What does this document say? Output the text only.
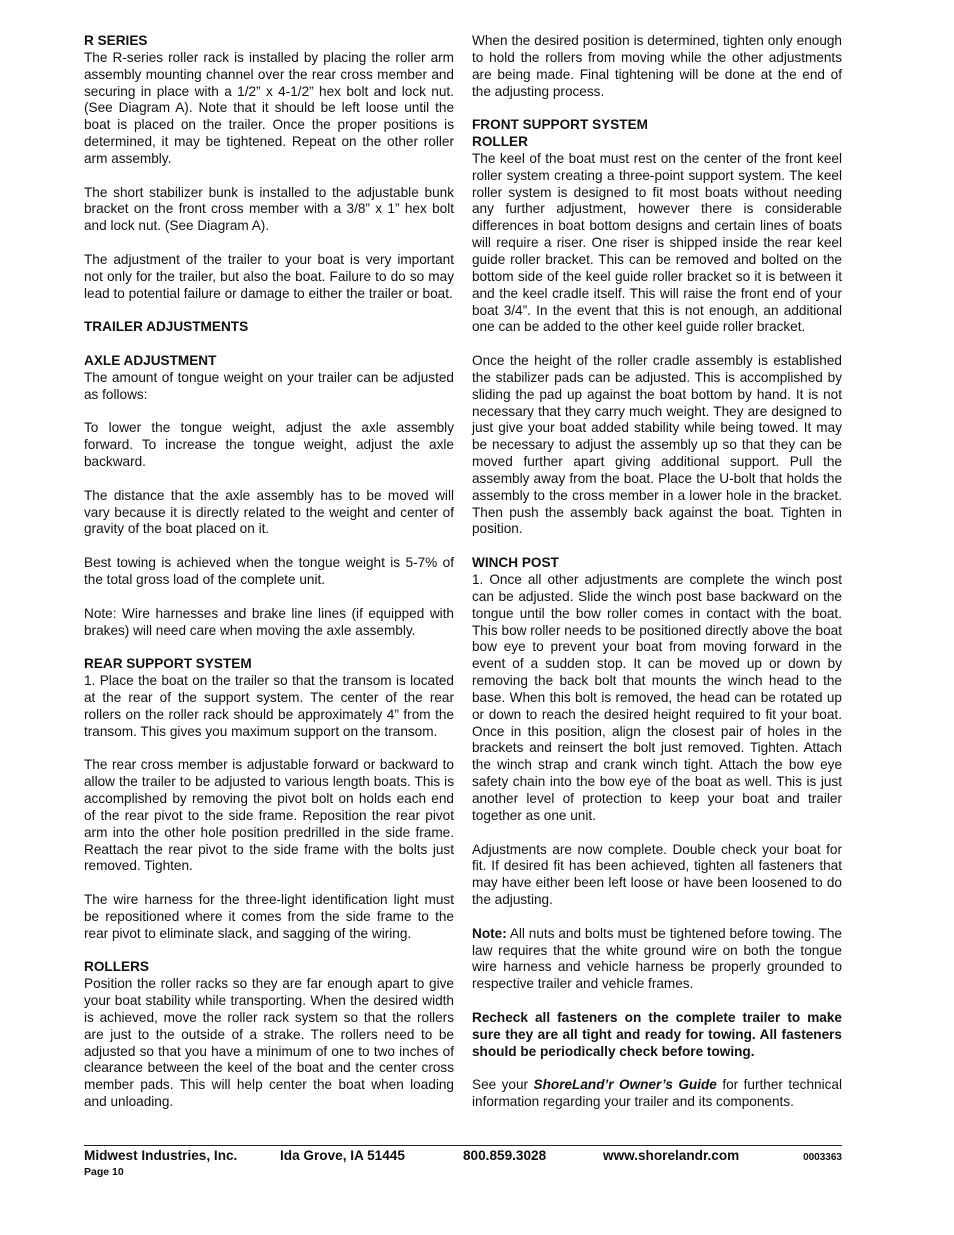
R SERIES

The R-series roller rack is installed by placing the roller arm assembly mounting channel over the rear cross member and securing in place with a 1/2” x 4-1/2” hex bolt and lock nut. (See Diagram A). Note that it should be left loose until the boat is placed on the trailer. Once the proper positions is determined, it may be tightened. Repeat on the other roller arm assembly.

The short stabilizer bunk is installed to the adjustable bunk bracket on the front cross member with a 3/8” x 1” hex bolt and lock nut. (See Diagram A).

The adjustment of the trailer to your boat is very important not only for the trailer, but also the boat. Failure to do so may lead to potential failure or damage to either the trailer or boat.

TRAILER ADJUSTMENTS
AXLE ADJUSTMENT

The amount of tongue weight on your trailer can be adjusted as follows:

To lower the tongue weight, adjust the axle assembly forward. To increase the tongue weight, adjust the axle backward.

The distance that the axle assembly has to be moved will vary because it is directly related to the weight and center of gravity of the boat placed on it.

Best towing is achieved when the tongue weight is 5-7% of the total gross load of the complete unit.

Note: Wire harnesses and brake line lines (if equipped with brakes) will need care when moving the axle assembly.

REAR SUPPORT SYSTEM

1. Place the boat on the trailer so that the transom is located at the rear of the support system. The center of the rear rollers on the roller rack should be approximately 4” from the transom. This gives you maximum support on the transom.

The rear cross member is adjustable forward or backward to allow the trailer to be adjusted to various length boats. This is accomplished by removing the pivot bolt on holds each end of the rear pivot to the side frame. Reposition the rear pivot arm into the other hole position predrilled in the side frame. Reattach the rear pivot to the side frame with the bolts just removed. Tighten.

The wire harness for the three-light identification light must be repositioned where it comes from the side frame to the rear pivot to eliminate slack, and sagging of the wiring.

ROLLERS

Position the roller racks so they are far enough apart to give your boat stability while transporting. When the desired width is achieved, move the roller rack system so that the rollers are just to the outside of a strake. The rollers need to be adjusted so that you have a minimum of one to two inches of clearance between the keel of the boat and the center cross member pads. This will help center the boat when loading and unloading.

When the desired position is determined, tighten only enough to hold the rollers from moving while the other adjustments are being made. Final tightening will be done at the end of the adjusting process.

FRONT SUPPORT SYSTEM
ROLLER

The keel of the boat must rest on the center of the front keel roller system creating a three-point support system. The keel roller system is designed to fit most boats without needing any further adjustment, however there is considerable differences in boat bottom designs and certain lines of boats will require a riser. One riser is shipped inside the rear keel guide roller bracket. This can be removed and bolted on the bottom side of the keel guide roller bracket so it is between it and the keel cradle itself. This will raise the front end of your boat 3/4”. In the event that this is not enough, an additional one can be added to the other keel guide roller bracket.

Once the height of the roller cradle assembly is established the stabilizer pads can be adjusted. This is accomplished by sliding the pad up against the boat bottom by hand. It is not necessary that they carry much weight. They are designed to just give your boat added stability while being towed. It may be necessary to adjust the assembly up so that they can be moved further apart giving additional support. Pull the assembly away from the boat. Place the U-bolt that holds the assembly to the cross member in a lower hole in the bracket. Then push the assembly back against the boat. Tighten in position.

WINCH POST

1. Once all other adjustments are complete the winch post can be adjusted. Slide the winch post base backward on the tongue until the bow roller comes in contact with the boat. This bow roller needs to be positioned directly above the boat bow eye to prevent your boat from moving forward in the event of a sudden stop. It can be moved up or down by removing the back bolt that mounts the winch head to the base. When this bolt is removed, the head can be rotated up or down to reach the desired height required to fit your boat. Once in this position, align the closest pair of holes in the brackets and reinsert the bolt just removed. Tighten. Attach the winch strap and crank winch tight. Attach the bow eye safety chain into the bow eye of the boat as well. This is just another level of protection to keep your boat and trailer together as one unit.

Adjustments are now complete. Double check your boat for fit. If desired fit has been achieved, tighten all fasteners that may have either been left loose or have been loosened to do the adjusting.

Note: All nuts and bolts must be tightened before towing. The law requires that the white ground wire on both the tongue wire harness and vehicle harness be properly grounded to respective trailer and vehicle frames.

Recheck all fasteners on the complete trailer to make sure they are all tight and ready for towing. All fasteners should be periodically check before towing.

See your ShoreLand’r Owner’s Guide for further technical information regarding your trailer and its components.

Midwest Industries, Inc.	Ida Grove, IA 51445	800.859.3028	www.shorelandr.com	0003363
Page 10
